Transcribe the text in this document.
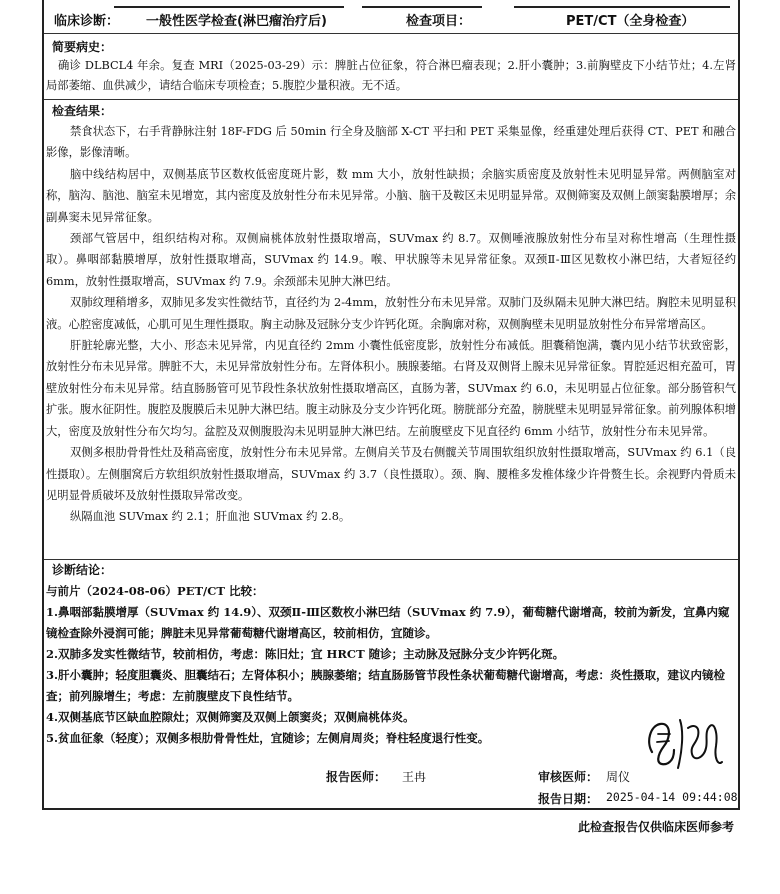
临床诊断： 一般性医学检查(淋巴瘤治疗后)	检查项目：	PET/CT（全身检查）
简要病史：

确诊 DLBCL4 年余。复查 MRI（2025-03-29）示：脾脏占位征象，符合淋巴瘤表现；2.肝小囊肿；3.前胸壁皮下小结节灶；4.左肾局部萎缩、血供减少，请结合临床专项检查；5.腹腔少量积液。无不适。

检查结果：

禁食状态下，右手背静脉注射 18F-FDG 后 50min 行全身及脑部 X-CT 平扫和 PET 采集显像，经重建处理后获得 CT、PET 和融合影像，影像清晰。

脑中线结构居中，双侧基底节区数枚低密度斑片影，数 mm 大小，放射性缺损；余脑实质密度及放射性未见明显异常。两侧脑室对称，脑沟、脑池、脑室未见增宽，其内密度及放射性分布未见异常。小脑、脑干及鞍区未见明显异常。双侧筛窦及双侧上颌窦黏膜增厚；余副鼻窦未见异常征象。

颈部气管居中，组织结构对称。双侧扁桃体放射性摄取增高，SUVmax 约 8.7。双侧唾液腺放射性分布呈对称性增高（生理性摄取）。鼻咽部黏膜增厚，放射性摄取增高，SUVmax 约 14.9。喉、甲状腺等未见异常征象。双颈Ⅱ-Ⅲ区见数枚小淋巴结，大者短径约 6mm，放射性摄取增高，SUVmax 约 7.9。余颈部未见肿大淋巴结。

双肺纹理稍增多，双肺见多发实性微结节，直径约为 2-4mm，放射性分布未见异常。双肺门及纵隔未见肿大淋巴结。胸腔未见明显积液。心腔密度减低，心肌可见生理性摄取。胸主动脉及冠脉分支少许钙化斑。余胸廓对称，双侧胸壁未见明显放射性分布异常增高区。

肝脏轮廓光整，大小、形态未见异常，内见直径约 2mm 小囊性低密度影，放射性分布减低。胆囊稍饱满，囊内见小结节状致密影，放射性分布未见异常。脾脏不大，未见异常放射性分布。左肾体积小。胰腺萎缩。右肾及双侧肾上腺未见异常征象。胃腔延迟相充盈可，胃壁放射性分布未见异常。结直肠肠管可见节段性条状放射性摄取增高区，直肠为著，SUVmax 约 6.0，未见明显占位征象。部分肠管积气扩张。腹水征阴性。腹腔及腹膜后未见肿大淋巴结。腹主动脉及分支少许钙化斑。膀胱部分充盈，膀胱壁未见明显异常征象。前列腺体积增大，密度及放射性分布欠均匀。盆腔及双侧腹股沟未见明显肿大淋巴结。左前腹壁皮下见直径约 6mm 小结节，放射性分布未见异常。

双侧多根肋骨骨性灶及稍高密度，放射性分布未见异常。左侧肩关节及右侧髋关节周围软组织放射性摄取增高，SUVmax 约 6.1（良性摄取）。左侧腘窝后方软组织放射性摄取增高，SUVmax 约 3.7（良性摄取）。颈、胸、腰椎多发椎体缘少许骨赘生长。余视野内骨质未见明显骨质破坏及放射性摄取异常改变。

纵隔血池 SUVmax 约 2.1；肝血池 SUVmax 约 2.8。

诊断结论：

与前片（2024-08-06）PET/CT 比较：

1.鼻咽部黏膜增厚（SUVmax 约 14.9）、双颈Ⅱ-Ⅲ区数枚小淋巴结（SUVmax 约 7.9），葡萄糖代谢增高，较前为新发，宜鼻内窥镜检查除外浸润可能；脾脏未见异常葡萄糖代谢增高区，较前相仿，宜随诊。

2.双肺多发实性微结节，较前相仿，考虑：陈旧灶；宜 HRCT 随诊；主动脉及冠脉分支少许钙化斑。

3.肝小囊肿；轻度胆囊炎、胆囊结石；左肾体积小；胰腺萎缩；结直肠肠管节段性条状葡萄糖代谢增高，考虑：炎性摄取，建议内镜检查；前列腺增生；考虑：左前腹壁皮下良性结节。

4.双侧基底节区缺血腔隙灶；双侧筛窦及双侧上颌窦炎；双侧扁桃体炎。

5.贫血征象（轻度）；双侧多根肋骨骨性灶，宜随诊；左侧肩周炎；脊柱轻度退行性变。

报告医师： 王冉	审核医师： 周仪
报告日期： 2025-04-14 09:44:08
此检查报告仅供临床医师参考
